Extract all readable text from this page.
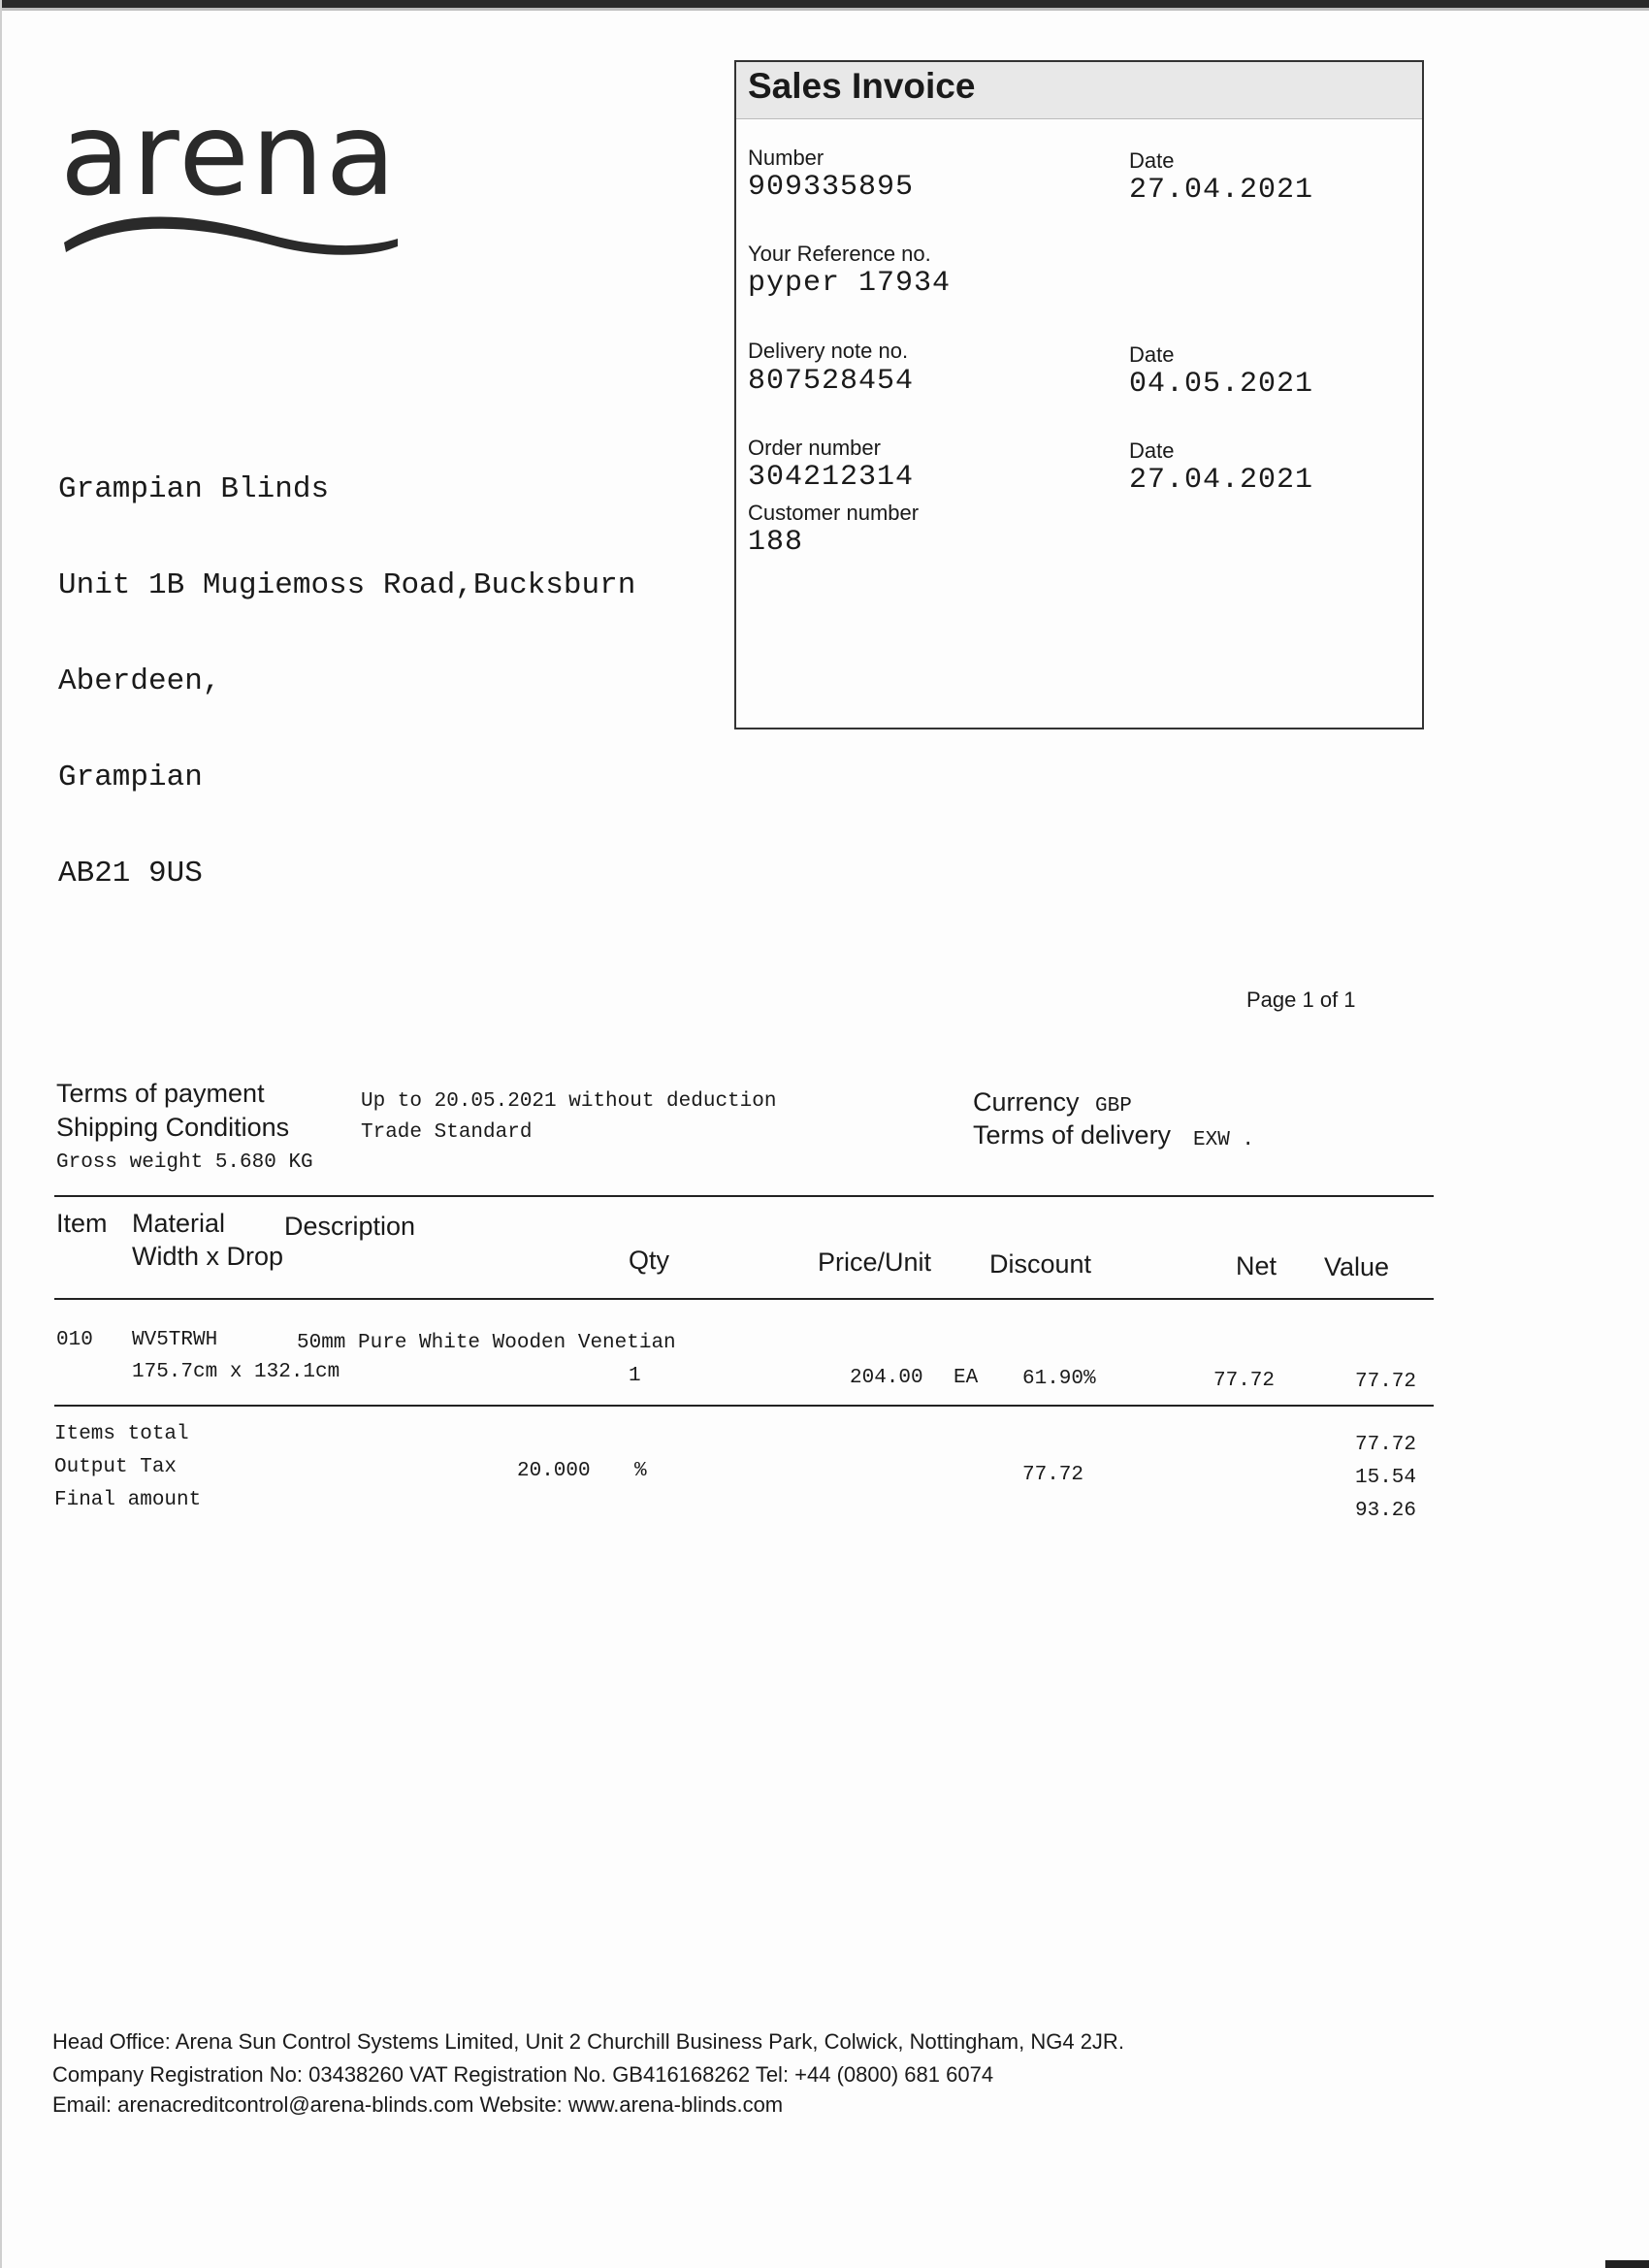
arena

Grampian Blinds

Unit 1B Mugiemoss Road,Bucksburn

Aberdeen,

Grampian

AB21 9US

Sales Invoice
Number
909335895
Date
27.04.2021
Your Reference no.
pyper 17934
Delivery note no.
807528454
Date
04.05.2021
Order number
304212314
Date
27.04.2021
Customer number
188
Page 1 of 1
Terms of payment	Up to 20.05.2021 without deduction
Shipping Conditions	Trade Standard
Gross weight 5.680 KG
Currency GBP
Terms of delivery EXW .
Item Material Description
Width x Drop	Qty	Price/Unit Discount	Net Value
010 WV5TRWH	50mm Pure White Wooden Venetian
175.7cm x 132.1cm	1	204.00 EA 61.90%	77.72	77.72
Items total	77.72
Output Tax	20.000 %	77.72	15.54
Final amount	93.26
Head Office: Arena Sun Control Systems Limited, Unit 2 Churchill Business Park, Colwick, Nottingham, NG4 2JR.
Company Registration No: 03438260 VAT Registration No. GB416168262 Tel: +44 (0800) 681 6074
Email: arenacreditcontrol@arena-blinds.com Website: www.arena-blinds.com
